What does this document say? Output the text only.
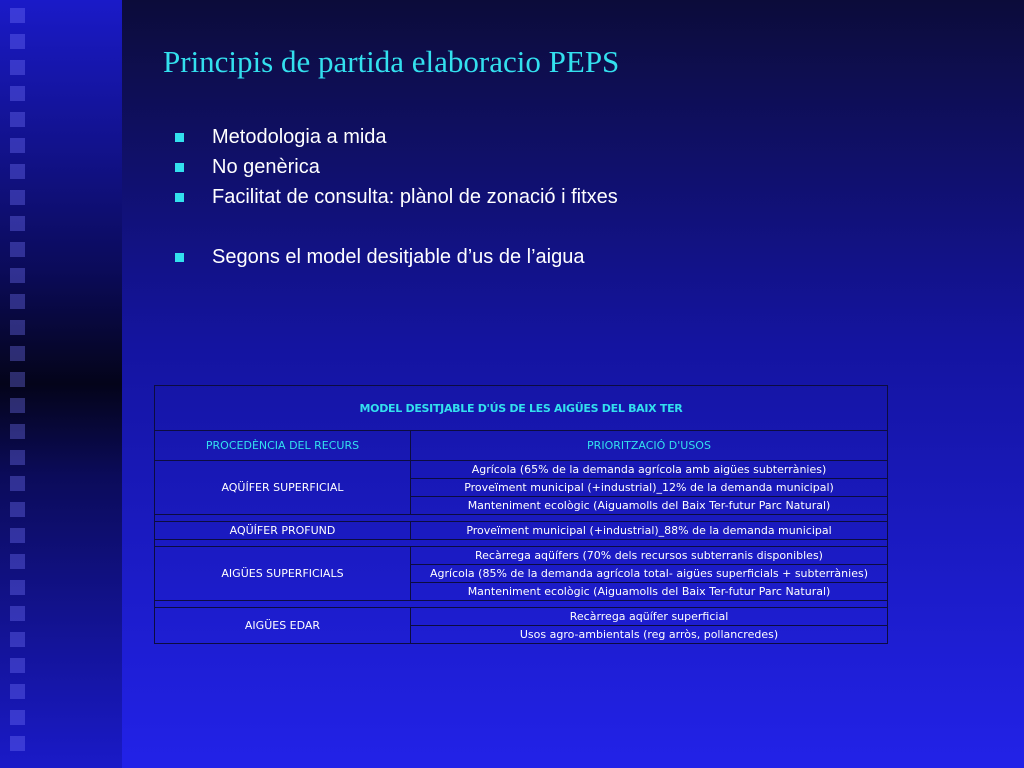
Principis de partida elaboracio PEPS
Metodologia a mida
No genèrica
Facilitat de consulta: plànol de zonació i fitxes
Segons el model desitjable d’us de l’aigua
MODEL DESITJABLE D'ÚS DE LES AIGÜES DEL BAIX TER	
PROCEDÈNCIA DEL RECURS	PRIORITZACIÓ D'USOS
AQÜÍFER SUPERFICIAL	Agrícola (65% de la demanda agrícola amb aigües subterrànies)
	Proveïment municipal (+industrial)_12% de la demanda municipal)
	Manteniment ecològic (Aiguamolls del Baix Ter-futur Parc Natural)

AQÜÍFER PROFUND	Proveïment municipal (+industrial)_88% de la demanda municipal

AIGÜES SUPERFICIALS	Recàrrega aqüífers (70% dels recursos subterranis disponibles)
	Agrícola (85% de la demanda agrícola total- aigües superficials + subterrànies)
	Manteniment ecològic (Aiguamolls del Baix Ter-futur Parc Natural)

AIGÜES EDAR	Recàrrega aqüífer superficial
	Usos agro-ambientals (reg arròs, pollancredes)
